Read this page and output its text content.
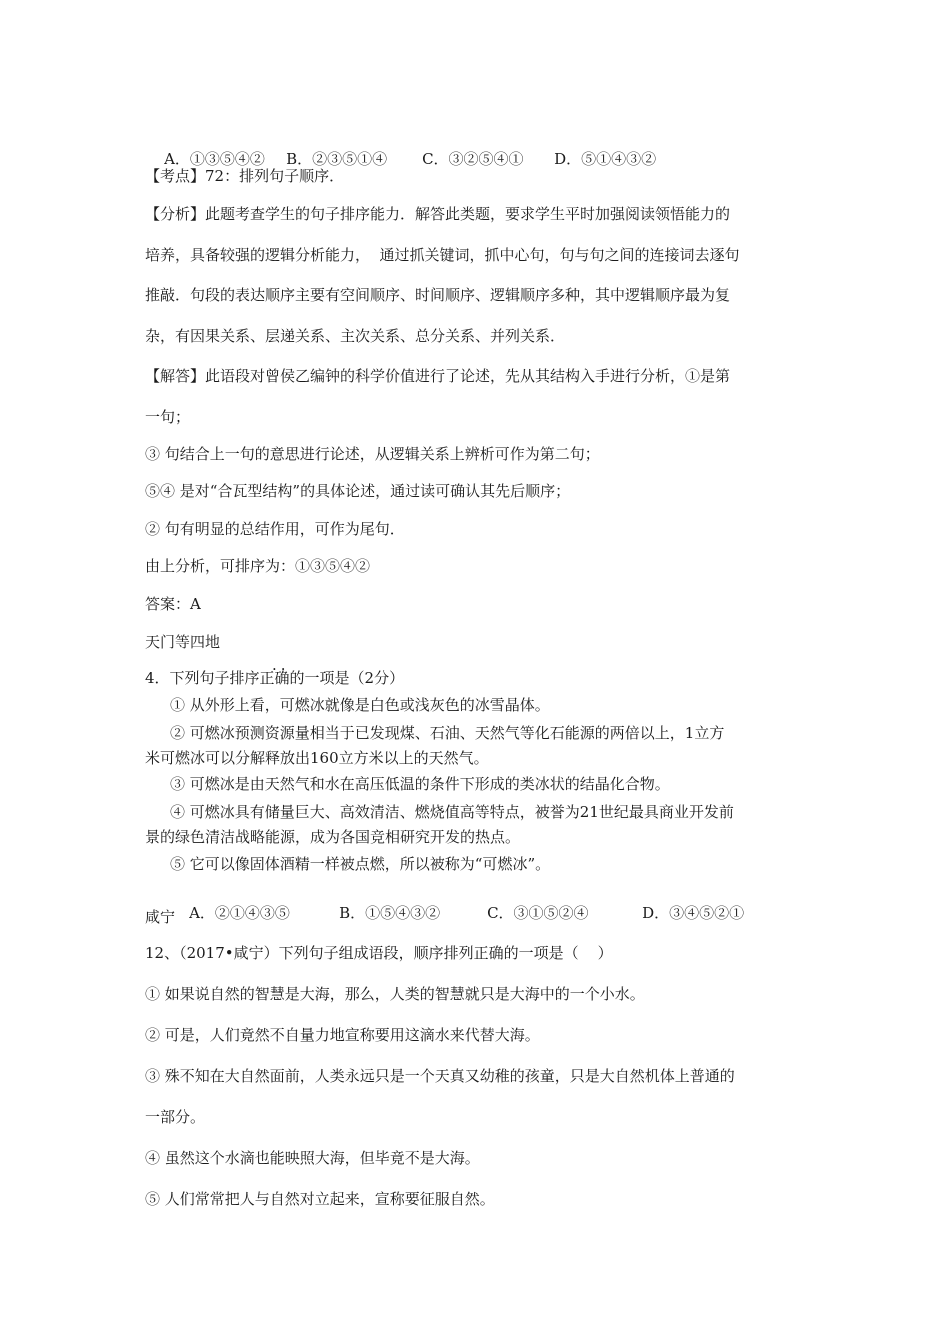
A．①③⑤④② B．②③⑤①④ C．③②⑤④① D．⑤①④③②

【考点】72：排列句子顺序．
【分析】此题考查学生的句子排序能力．解答此类题，要求学生平时加强阅读领悟能力的
培养，具备较强的逻辑分析能力，  通过抓关键词，抓中心句，句与句之间的连接词去逐句
推敲．句段的表达顺序主要有空间顺序、时间顺序、逻辑顺序多种，其中逻辑顺序最为复
杂，有因果关系、层递关系、主次关系、总分关系、并列关系．
【解答】此语段对曾侯乙编钟的科学价值进行了论述，先从其结构入手进行分析，①是第
一句；
③ 句结合上一句的意思进行论述，从逻辑关系上辨析可作为第二句；
⑤④ 是对“合瓦型结构”的具体论述，通过读可确认其先后顺序；
② 句有明显的总结作用，可作为尾句．
由上分析，可排序为：①③⑤④②
答案：A
天门等四地
..
4．下列句子排序正确的一项是（2分）
① 从外形上看，可燃冰就像是白色或浅灰色的冰雪晶体。
② 可燃冰预测资源量相当于已发现煤、石油、天然气等化石能源的两倍以上，1立方
米可燃冰可以分解释放出160立方米以上的天然气。
③ 可燃冰是由天然气和水在高压低温的条件下形成的类冰状的结晶化合物。
④ 可燃冰具有储量巨大、高效清洁、燃烧值高等特点，被誉为21世纪最具商业开发前
景的绿色清洁战略能源，成为各国竞相研究开发的热点。
⑤ 它可以像固体酒精一样被点燃，所以被称为“可燃冰”。

A．②①④③⑤	B．①⑤④③②	C．③①⑤②④	D．③④⑤②①

咸宁
12、（2017•咸宁）下列句子组成语段，顺序排列正确的一项是（    ）
① 如果说自然的智慧是大海，那么，人类的智慧就只是大海中的一个小水。
② 可是，人们竟然不自量力地宣称要用这滴水来代替大海。
③ 殊不知在大自然面前，人类永远只是一个天真又幼稚的孩童，只是大自然机体上普通的
一部分。
④ 虽然这个水滴也能映照大海，但毕竟不是大海。
⑤ 人们常常把人与自然对立起来，宣称要征服自然。
